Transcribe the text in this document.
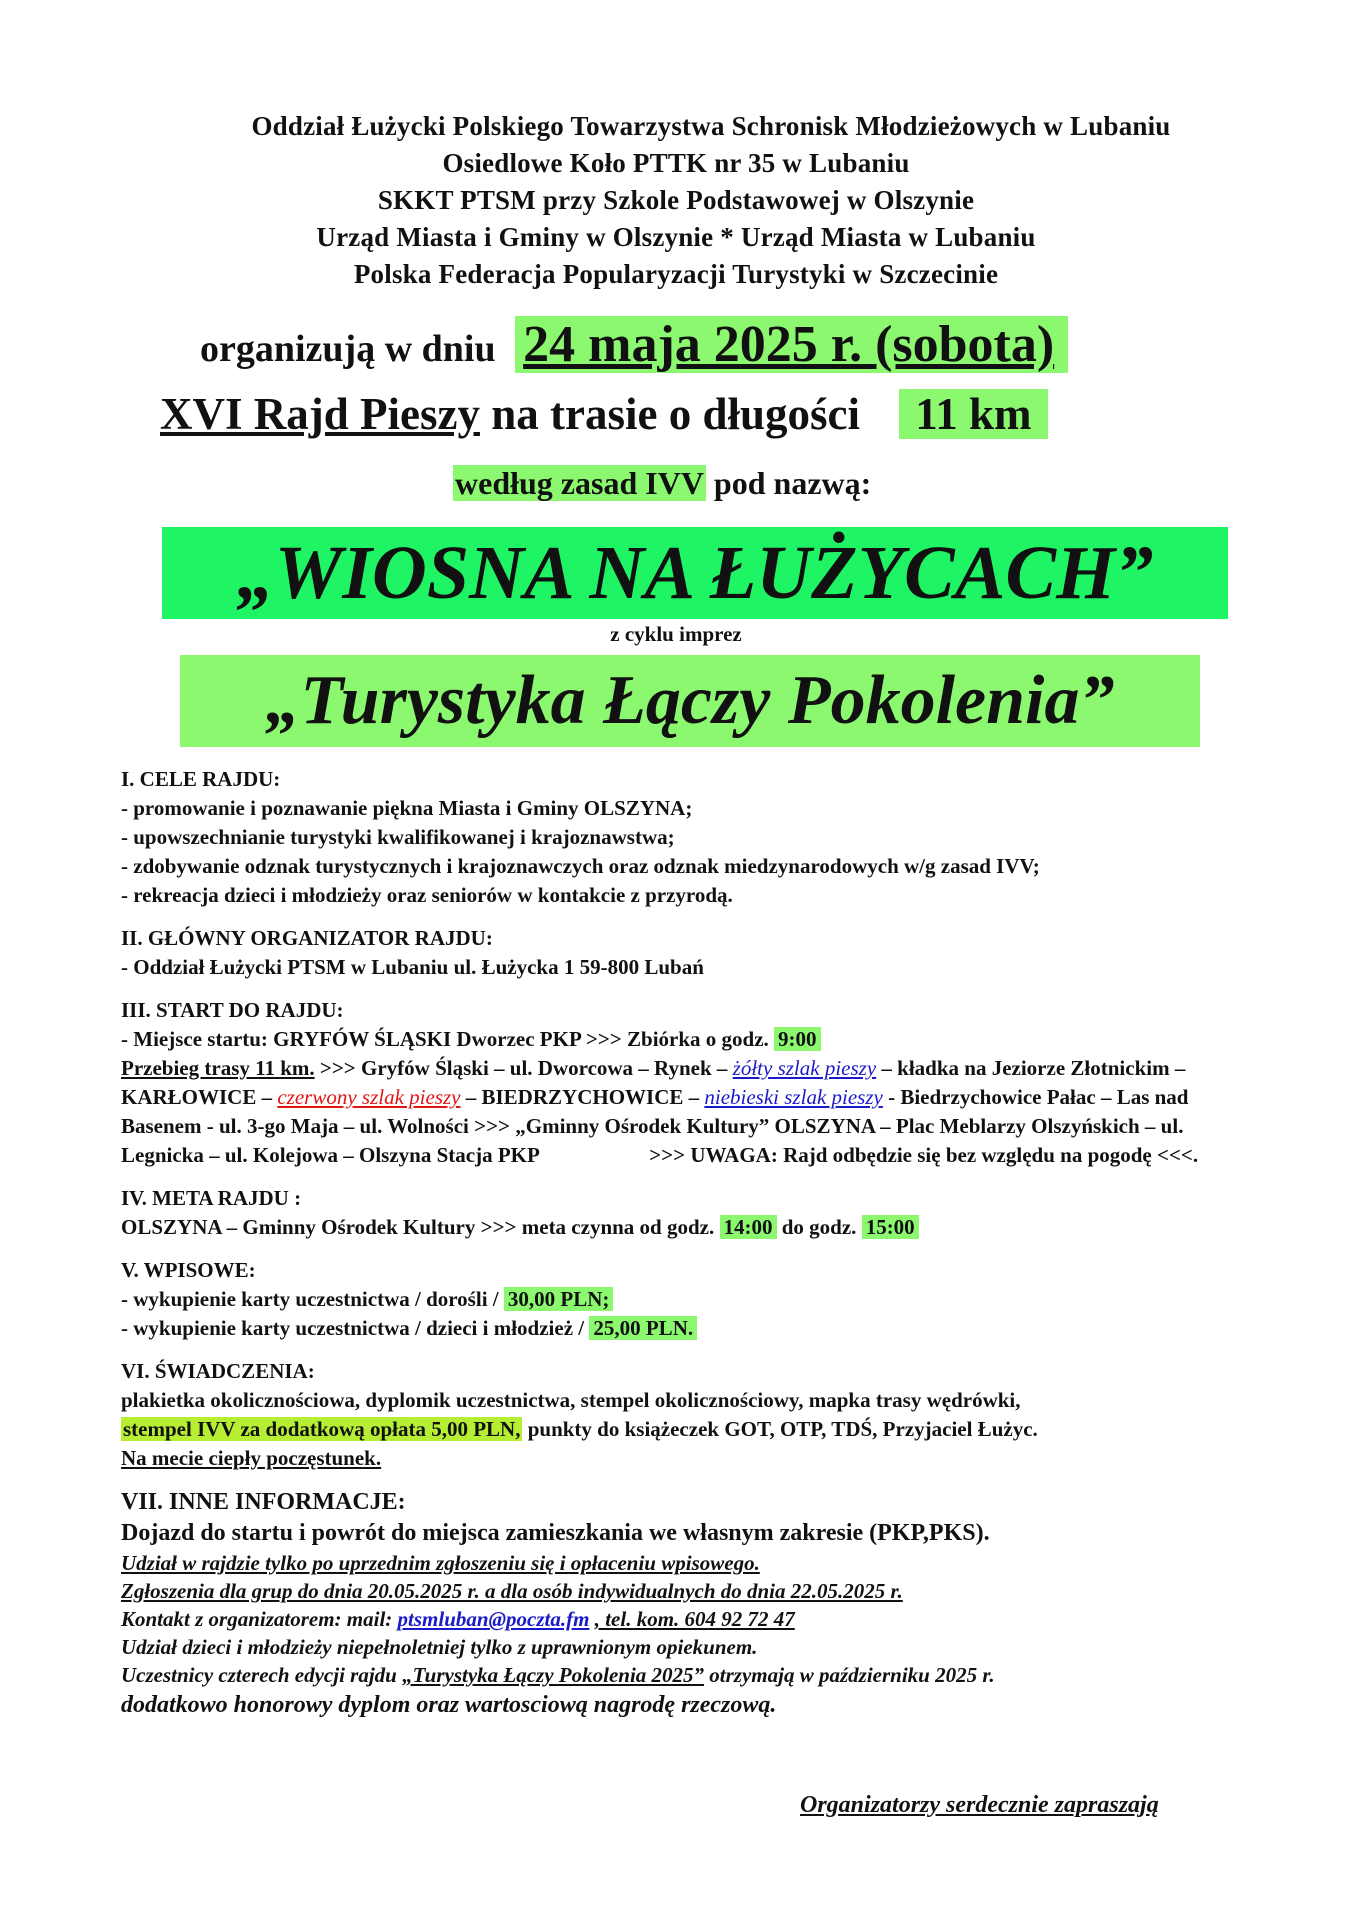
Oddział Łużycki Polskiego Towarzystwa Schronisk Młodzieżowych w Lubaniu
Osiedlowe Koło PTTK nr 35 w Lubaniu
SKKT PTSM przy Szkole Podstawowej w Olszynie
Urząd Miasta i Gminy w Olszynie * Urząd Miasta w Lubaniu
Polska Federacja Popularyzacji Turystyki w Szczecinie
organizują w dniu 24 maja 2025 r. (sobota)
XVI Rajd Pieszy na trasie o długości 11 km
według zasad IVV pod nazwą:
„WIOSNA NA ŁUŻYCACH”
z cyklu imprez
„Turystyka Łączy Pokolenia”
I. CELE RAJDU:
- promowanie i poznawanie piękna Miasta i Gminy OLSZYNA;
- upowszechnianie turystyki kwalifikowanej i krajoznawstwa;
- zdobywanie odznak turystycznych i krajoznawczych oraz odznak miedzynarodowych w/g zasad IVV;
- rekreacja dzieci i młodzieży oraz seniorów w kontakcie z przyrodą.
II. GŁÓWNY ORGANIZATOR RAJDU:
- Oddział Łużycki PTSM w Lubaniu ul. Łużycka 1 59-800 Lubań
III. START DO RAJDU:
- Miejsce startu: GRYFÓW ŚLĄSKI Dworzec PKP >>> Zbiórka o godz. 9:00
Przebieg trasy 11 km. >>> Gryfów Śląski – ul. Dworcowa – Rynek – żółty szlak pieszy – kładka na Jeziorze Złotnickim – KARŁOWICE – czerwony szlak pieszy – BIEDRZYCHOWICE – niebieski szlak pieszy - Biedrzychowice Pałac – Las nad Basenem - ul. 3-go Maja – ul. Wolności >>> „Gminny Ośrodek Kultury” OLSZYNA – Plac Meblarzy Olszyńskich – ul. Legnicka – ul. Kolejowa – Olszyna Stacja PKP	>>> UWAGA: Rajd odbędzie się bez względu na pogodę <<<.
IV. META RAJDU :
OLSZYNA – Gminny Ośrodek Kultury >>> meta czynna od godz. 14:00 do godz. 15:00
V. WPISOWE:
- wykupienie karty uczestnictwa / dorośli / 30,00 PLN;
- wykupienie karty uczestnictwa / dzieci i młodzież / 25,00 PLN.
VI. ŚWIADCZENIA:
plakietka okolicznościowa, dyplomik uczestnictwa, stempel okolicznościowy, mapka trasy wędrówki,
stempel IVV za dodatkową opłata 5,00 PLN, punkty do książeczek GOT, OTP, TDŚ, Przyjaciel Łużyc.
Na mecie ciepły poczęstunek.
VII. INNE INFORMACJE:
Dojazd do startu i powrót do miejsca zamieszkania we własnym zakresie (PKP,PKS).
Udział w rajdzie tylko po uprzednim zgłoszeniu się i opłaceniu wpisowego.
Zgłoszenia dla grup do dnia 20.05.2025 r. a dla osób indywidualnych do dnia 22.05.2025 r.
Kontakt z organizatorem: mail: ptsmluban@poczta.fm , tel. kom. 604 92 72 47
Udział dzieci i młodzieży niepełnoletniej tylko z uprawnionym opiekunem.
Uczestnicy czterech edycji rajdu „Turystyka Łączy Pokolenia 2025” otrzymają w październiku 2025 r.
dodatkowo honorowy dyplom oraz wartosciową nagrodę rzeczową.
Organizatorzy serdecznie zapraszają
